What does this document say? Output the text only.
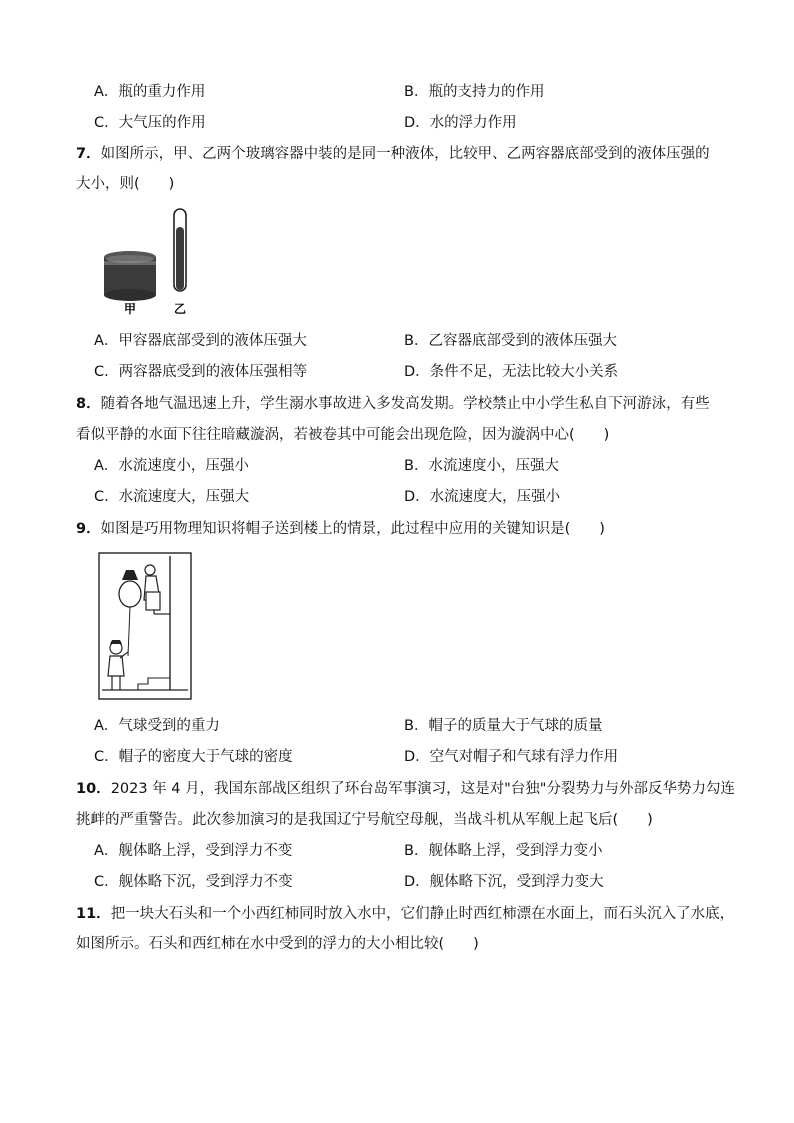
A．瓶的重力作用	B．瓶的支持力的作用
C．大气压的作用	D．水的浮力作用
7．如图所示，甲、乙两个玻璃容器中装的是同一种液体，比较甲、乙两容器底部受到的液体压强的
大小，则(　　)
甲	乙
A．甲容器底部受到的液体压强大	B．乙容器底部受到的液体压强大
C．两容器底受到的液体压强相等	D．条件不足，无法比较大小关系
8．随着各地气温迅速上升，学生溺水事故进入多发高发期。学校禁止中小学生私自下河游泳，有些
看似平静的水面下往往暗藏漩涡，若被卷其中可能会出现危险，因为漩涡中心(　　)
A．水流速度小，压强小	B．水流速度小，压强大
C．水流速度大，压强大	D．水流速度大，压强小
9．如图是巧用物理知识将帽子送到楼上的情景，此过程中应用的关键知识是(　　)
A．气球受到的重力	B．帽子的质量大于气球的质量
C．帽子的密度大于气球的密度	D．空气对帽子和气球有浮力作用
10．2023 年 4 月，我国东部战区组织了环台岛军事演习，这是对"台独"分裂势力与外部反华势力勾连
挑衅的严重警告。此次参加演习的是我国辽宁号航空母舰，当战斗机从军舰上起飞后(　　)
A．舰体略上浮，受到浮力不变	B．舰体略上浮，受到浮力变小
C．舰体略下沉，受到浮力不变	D．舰体略下沉，受到浮力变大
11．把一块大石头和一个小西红柿同时放入水中，它们静止时西红柿漂在水面上，而石头沉入了水底，
如图所示。石头和西红柿在水中受到的浮力的大小相比较(　　)
